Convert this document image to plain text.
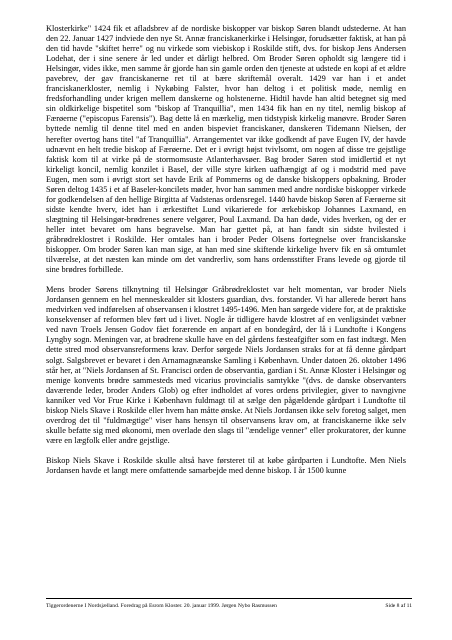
Klosterkirke" 1424 fik et afladsbrev af de nordiske biskopper var biskop Søren blandt udstederne. At han den 22. Januar 1427 indviede den nye St. Annæ franciskanerkirke i Helsingør, forudsætter faktisk, at han på den tid havde "skiftet herre" og nu virkede som viebiskop i Roskilde stift, dvs. for biskop Jens Andersen Lodehat, der i sine senere år led under et dårligt helbred. Om Broder Søren opholdt sig længere tid i Helsingør, vides ikke, men samme år gjorde han sin gamle orden den tjeneste at udstede en kopi af et ældre pavebrev, der gav franciskanerne ret til at bære skriftemål overalt. 1429 var han i et andet franciskanerkloster, nemlig i Nykøbing Falster, hvor han deltog i et politisk møde, nemlig en fredsforhandling under krigen mellem danskerne og holstenerne. Hidtil havde han altid betegnet sig med sin oldkirkelige bispetitel som "biskop af Tranquillia", men 1434 fik han en ny titel, nemlig biskop af Færøerne ("episcopus Farensis"). Bag dette lå en mærkelig, men tidstypisk kirkelig manøvre. Broder Søren byttede nemlig til denne titel med en anden bispeviet franciskaner, danskeren Tidemann Nielsen, der herefter overtog hans titel "af Tranquillia". Arrangementet var ikke godkendt af pave Eugen IV, der havde udnævnt en helt tredie biskop af Færøerne. Det er i øvrigt højst tvivlsomt, om nogen af disse tre gejstlige faktisk kom til at virke på de stormomsuste Atlanterhavsøer. Bag broder Søren stod imidlertid et nyt kirkeligt koncil, nemlig konzilet i Basel, der ville styre kirken uafhængigt af og i modstrid med pave Eugen, men som i øvrigt stort set havde Erik af Pommerns og de danske biskoppers opbakning. Broder Søren deltog 1435 i et af Baseler-koncilets møder, hvor han sammen med andre nordiske biskopper virkede for godkendelsen af den hellige Birgitta af Vadstenas ordensregel. 1440 havde biskop Søren af Færøerne sit sidste kendte hverv, idet han i ærkestiftet Lund vikarierede for ærkebiskop Johannes Laxmand, en slægtning til Helsingør-brødrenes senere velgører, Poul Laxmand. Da han døde, vides hverken, og der er heller intet bevaret om hans begravelse. Man har gættet på, at han fandt sin sidste hvilested i gråbrødreklostret i Roskilde. Her omtales han i broder Peder Olsens fortegnelse over franciskanske biskopper. Om broder Søren kan man sige, at han med sine skiftende kirkelige hverv fik en så omtumlet tilværelse, at det næsten kan minde om det vandrerliv, som hans ordensstifter Frans levede og gjorde til sine brødres forbillede.

Mens broder Sørens tilknytning til Helsingør Gråbrødreklostet var helt momentan, var broder Niels Jordansen gennem en hel menneskealder sit klosters guardian, dvs. forstander. Vi har allerede berørt hans medvirken ved indførelsen af observansen i klostret 1495-1496. Men han sørgede videre for, at de praktiske konsekvenser af reformen blev ført ud i livet. Nogle år tidligere havde klostret af en venligsindet væbner ved navn Troels Jensen Godov fået forærende en anpart af en bondegård, der lå i Lundtofte i Kongens Lyngby sogn. Meningen var, at brødrene skulle have en del gårdens fæsteafgifter som en fast indtægt. Men dette stred mod observansreformens krav. Derfor sørgede Niels Jordansen straks for at få denne gårdpart solgt. Salgsbrevet er bevaret i den Arnamagnæanske Samling i København. Under datoen 26. oktober 1496 står her, at "Niels Jordansen af St. Francisci orden de observantia, gardian i St. Annæ Kloster i Helsingør og menige konvents brødre sammesteds med vicarius provincialis samtykke "(dvs. de danske observanters daværende leder, broder Anders Glob) og efter indholdet af vores ordens privilegier, giver to navngivne kanniker ved Vor Frue Kirke i København fuldmagt til at sælge den pågældende gårdpart i Lundtofte til biskop Niels Skave i Roskilde eller hvem han måtte ønske. At Niels Jordansen ikke selv foretog salget, men overdrog det til "fuldmægtige" viser hans hensyn til observansens krav om, at franciskanerne ikke selv skulle befatte sig med økonomi, men overlade den slags til "ændelige venner" eller prokuratorer, der kunne være en lægfolk eller andre gejstlige.

Biskop Niels Skave i Roskilde skulle altså have førsteret til at købe gårdparten i Lundtofte. Men Niels Jordansen havde et langt mere omfattende samarbejde med denne biskop. I år 1500 kunne

Tiggerordenerne I Nordsjælland. Foredrag på Esrom Kloster. 20. januar 1999. Jørgen Nybo Rasmussen	Side 8 af 11
